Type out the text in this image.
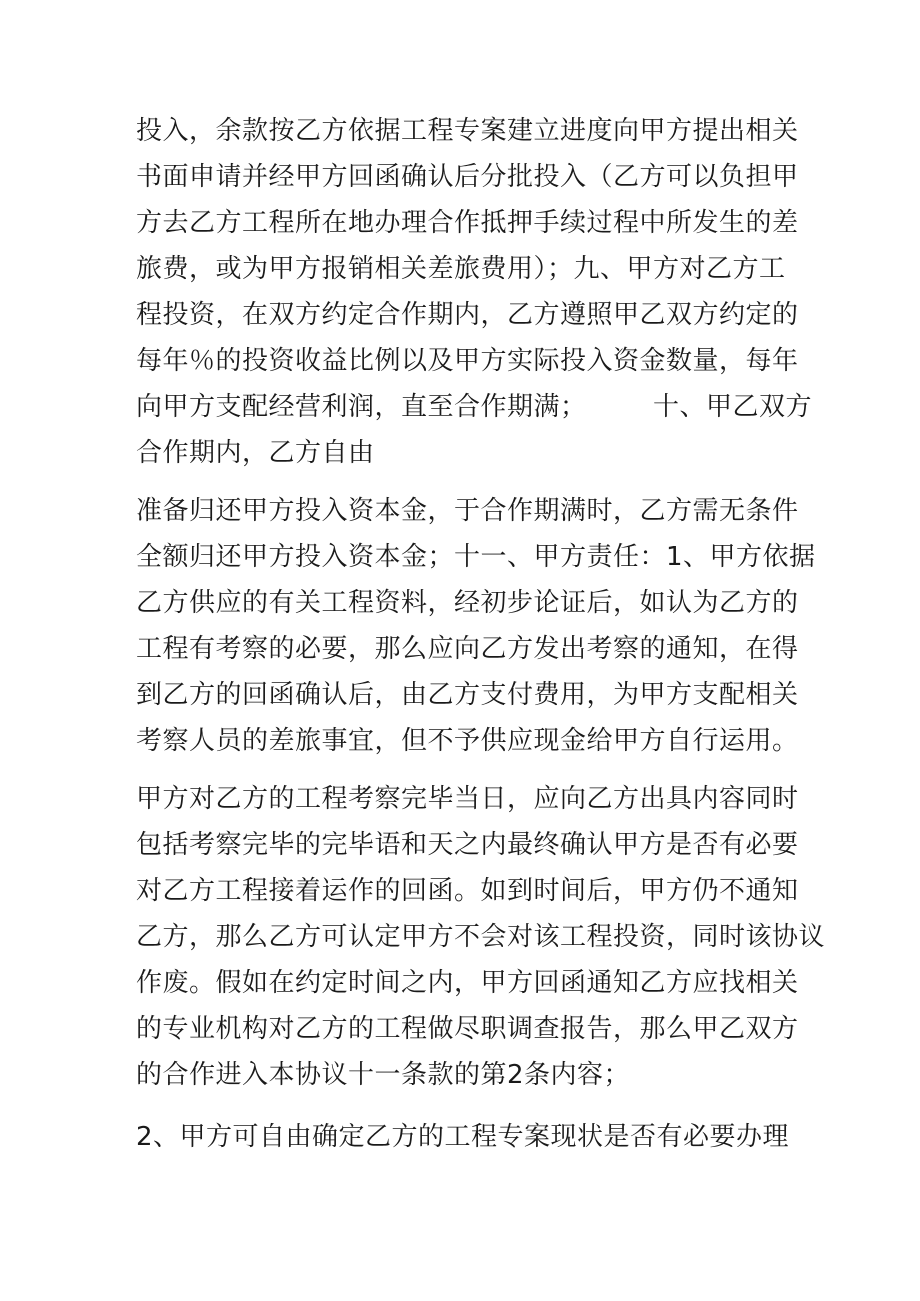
投入，余款按乙方依据工程专案建立进度向甲方提出相关
书面申请并经甲方回函确认后分批投入（乙方可以负担甲
方去乙方工程所在地办理合作抵押手续过程中所发生的差
旅费，或为甲方报销相关差旅费用）；九、甲方对乙方工
程投资，在双方约定合作期内，乙方遵照甲乙双方约定的
每年％的投资收益比例以及甲方实际投入资金数量，每年
向甲方支配经营利润，直至合作期满；　　　十、甲乙双方
合作期内，乙方自由
准备归还甲方投入资本金，于合作期满时，乙方需无条件
全额归还甲方投入资本金；十一、甲方责任：1、甲方依据
乙方供应的有关工程资料，经初步论证后，如认为乙方的
工程有考察的必要，那么应向乙方发出考察的通知，在得
到乙方的回函确认后，由乙方支付费用，为甲方支配相关
考察人员的差旅事宜，但不予供应现金给甲方自行运用。
甲方对乙方的工程考察完毕当日，应向乙方出具内容同时
包括考察完毕的完毕语和天之内最终确认甲方是否有必要
对乙方工程接着运作的回函。如到时间后，甲方仍不通知
乙方，那么乙方可认定甲方不会对该工程投资，同时该协议
作废。假如在约定时间之内，甲方回函通知乙方应找相关
的专业机构对乙方的工程做尽职调查报告，那么甲乙双方
的合作进入本协议十一条款的第2条内容；
2、甲方可自由确定乙方的工程专案现状是否有必要办理
